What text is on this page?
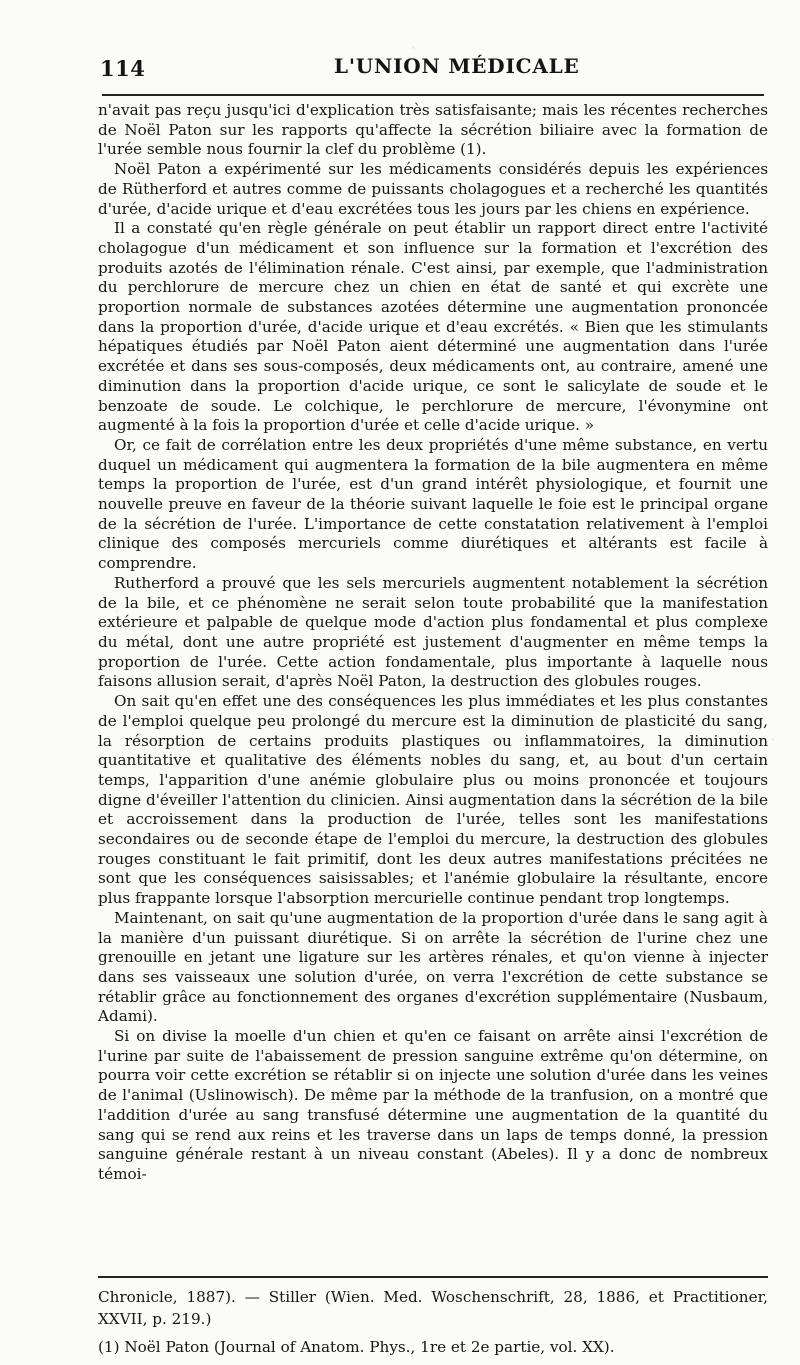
114	L'UNION MÉDICALE

n'avait pas reçu jusqu'ici d'explication très satisfaisante; mais les récentes recherches de Noël Paton sur les rapports qu'affecte la sécrétion biliaire avec la formation de l'urée semble nous fournir la clef du problème (1).

Noël Paton a expérimenté sur les médicaments considérés depuis les expériences de Rütherford et autres comme de puissants cholagogues et a recherché les quantités d'urée, d'acide urique et d'eau excrétées tous les jours par les chiens en expérience.

Il a constaté qu'en règle générale on peut établir un rapport direct entre l'activité cholagogue d'un médicament et son influence sur la formation et l'excrétion des produits azotés de l'élimination rénale. C'est ainsi, par exemple, que l'administration du perchlorure de mercure chez un chien en état de santé et qui excrète une proportion normale de substances azotées détermine une augmentation prononcée dans la proportion d'urée, d'acide urique et d'eau excrétés. « Bien que les stimulants hépatiques étudiés par Noël Paton aient déterminé une augmentation dans l'urée excrétée et dans ses sous-composés, deux médicaments ont, au contraire, amené une diminution dans la proportion d'acide urique, ce sont le salicylate de soude et le benzoate de soude. Le colchique, le perchlorure de mercure, l'évonymine ont augmenté à la fois la proportion d'urée et celle d'acide urique. »

Or, ce fait de corrélation entre les deux propriétés d'une même substance, en vertu duquel un médicament qui augmentera la formation de la bile augmentera en même temps la proportion de l'urée, est d'un grand intérêt physiologique, et fournit une nouvelle preuve en faveur de la théorie suivant laquelle le foie est le principal organe de la sécrétion de l'urée. L'importance de cette constatation relativement à l'emploi clinique des composés mercuriels comme diurétiques et altérants est facile à comprendre.

Rutherford a prouvé que les sels mercuriels augmentent notablement la sécrétion de la bile, et ce phénomène ne serait selon toute probabilité que la manifestation extérieure et palpable de quelque mode d'action plus fondamental et plus complexe du métal, dont une autre propriété est justement d'augmenter en même temps la proportion de l'urée. Cette action fondamentale, plus importante à laquelle nous faisons allusion serait, d'après Noël Paton, la destruction des globules rouges.

On sait qu'en effet une des conséquences les plus immédiates et les plus constantes de l'emploi quelque peu prolongé du mercure est la diminution de plasticité du sang, la résorption de certains produits plastiques ou inflammatoires, la diminution quantitative et qualitative des éléments nobles du sang, et, au bout d'un certain temps, l'apparition d'une anémie globulaire plus ou moins prononcée et toujours digne d'éveiller l'attention du clinicien. Ainsi augmentation dans la sécrétion de la bile et accroissement dans la production de l'urée, telles sont les manifestations secondaires ou de seconde étape de l'emploi du mercure, la destruction des globules rouges constituant le fait primitif, dont les deux autres manifestations précitées ne sont que les conséquences saisissables; et l'anémie globulaire la résultante, encore plus frappante lorsque l'absorption mercurielle continue pendant trop longtemps.

Maintenant, on sait qu'une augmentation de la proportion d'urée dans le sang agit à la manière d'un puissant diurétique. Si on arrête la sécrétion de l'urine chez une grenouille en jetant une ligature sur les artères rénales, et qu'on vienne à injecter dans ses vaisseaux une solution d'urée, on verra l'excrétion de cette substance se rétablir grâce au fonctionnement des organes d'excrétion supplémentaire (Nusbaum, Adami).

Si on divise la moelle d'un chien et qu'en ce faisant on arrête ainsi l'excrétion de l'urine par suite de l'abaissement de pression sanguine extrême qu'on détermine, on pourra voir cette excrétion se rétablir si on injecte une solution d'urée dans les veines de l'animal (Uslinowisch). De même par la méthode de la tranfusion, on a montré que l'addition d'urée au sang transfusé détermine une augmentation de la quantité du sang qui se rend aux reins et les traverse dans un laps de temps donné, la pression sanguine générale restant à un niveau constant (Abeles). Il y a donc de nombreux témoi-

Chronicle, 1887). — Stiller (Wien. Med. Woschenschrift, 28, 1886, et Practitioner, XXVII, p. 219.)

(1) Noël Paton (Journal of Anatom. Phys., 1re et 2e partie, vol. XX).
